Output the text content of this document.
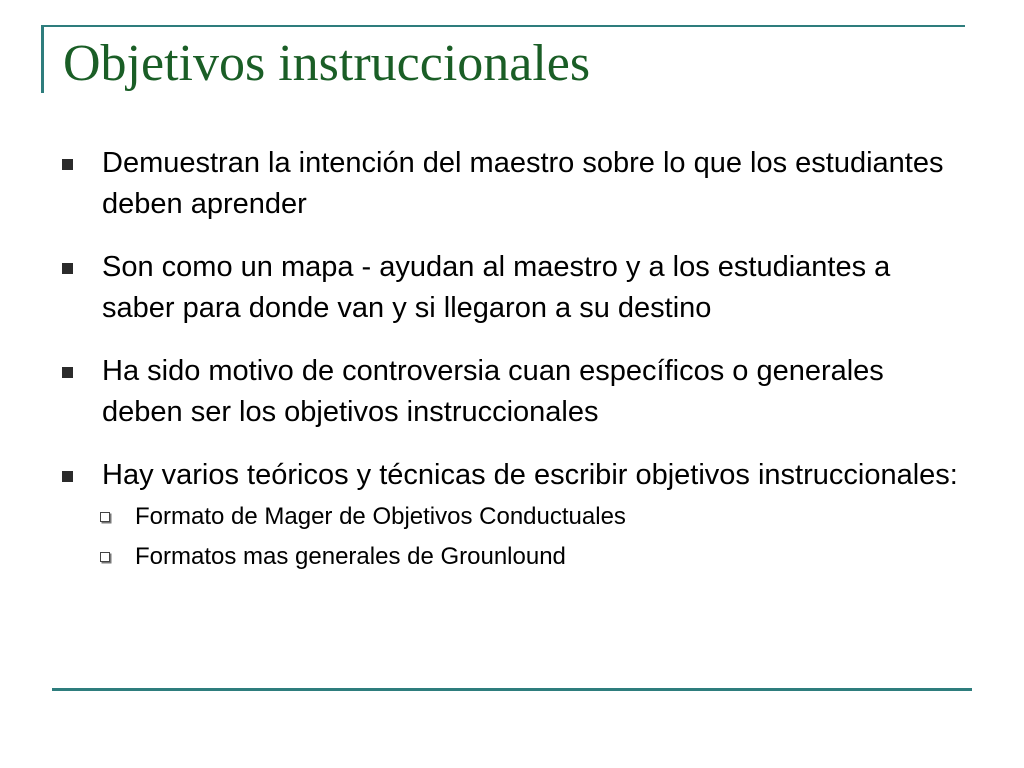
Objetivos instruccionales
Demuestran la intención del maestro sobre lo que los estudiantes deben aprender
Son como un mapa - ayudan al maestro y a los estudiantes a saber para donde van y si llegaron a su destino
Ha sido motivo de controversia cuan específicos o generales deben ser los objetivos instruccionales
Hay varios teóricos y técnicas de escribir objetivos instruccionales:
Formato de Mager de Objetivos Conductuales
Formatos mas generales de Grounlound
